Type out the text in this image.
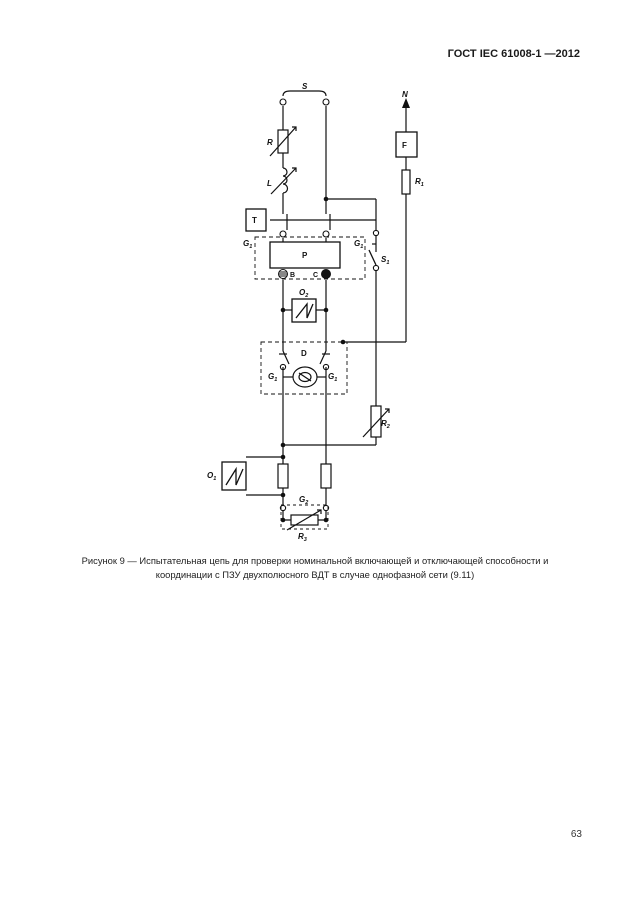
ГОСТ IEC 61008-1 —2012
S
N
R
L
F
$R_1$
T
$G_1$	$G_1$
P
B	C
$S_1$
$O_2$
D
$G_1$	$G_1$
$R_2$
$O_1$
$G_2$
$R_3$
Рисунок 9 — Испытательная цепь для проверки номинальной включающей и отключающей способности и
координации с ПЗУ двухполюсного ВДТ в случае однофазной сети (9.11)
63
